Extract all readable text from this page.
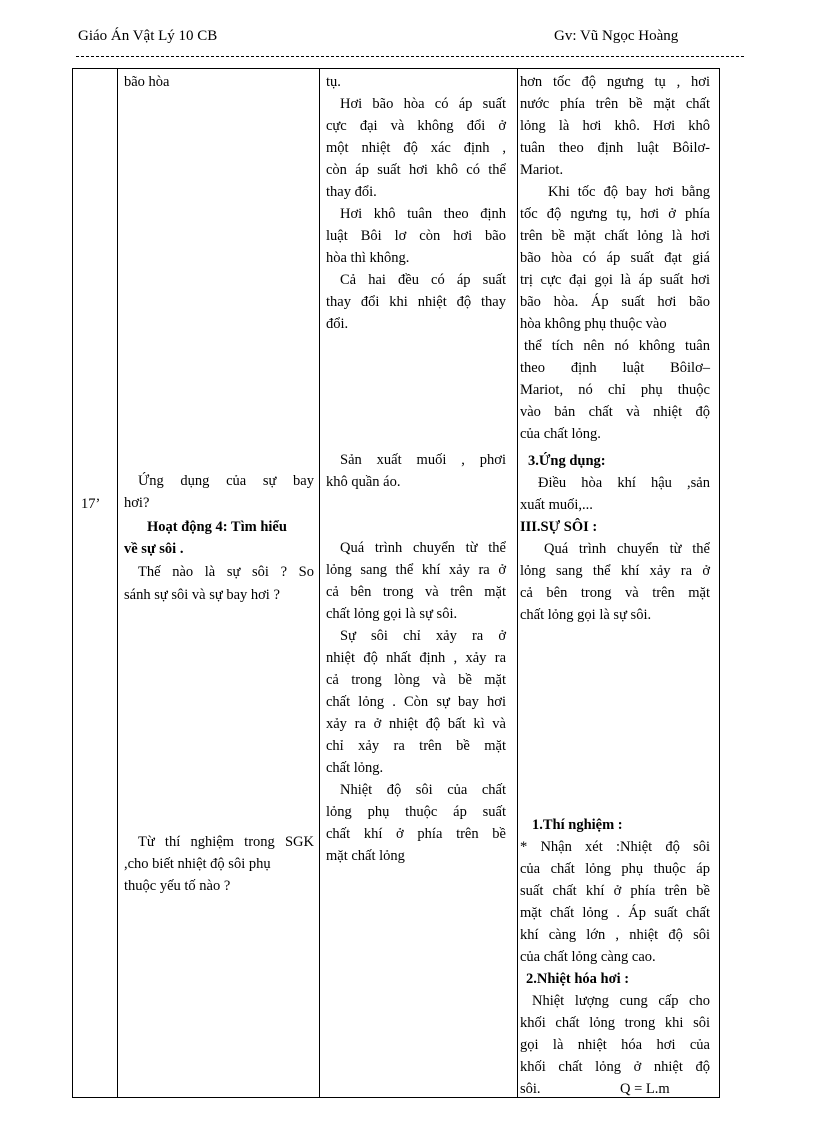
Giáo Án Vật Lý 10 CB	Gv: Vũ Ngọc Hoàng

17’

bão hòa

Ứng dụng của sự bay

hơi?

Hoạt động 4: Tìm hiểu

về sự sôi .

Thế nào là sự sôi ? So

sánh sự sôi và sự bay hơi ?

Từ thí nghiệm trong SGK

,cho biết nhiệt độ sôi phụ

thuộc yếu tố nào ?

tụ.

Hơi bão hòa có áp suất

cực đại và không đổi ở

một nhiệt độ xác định ,

còn áp suất hơi khô có thể

thay đổi.

Hơi khô tuân theo định

luật Bôi lơ còn hơi bão

hòa thì không.

Cả hai đều có áp suất

thay đổi khi nhiệt độ thay

đổi.

Sản xuất muối , phơi

khô quần áo.

Quá trình chuyển từ thể

lỏng sang thể khí xảy ra ở

cả bên trong và trên mặt

chất lỏng gọi là sự sôi.

Sự sôi chỉ xảy ra ở

nhiệt độ nhất định , xảy ra

cả trong lòng và bề mặt

chất lỏng . Còn sự bay hơi

xảy ra ở nhiệt độ bất kì và

chỉ xảy ra trên bề mặt

chất lỏng.

Nhiệt độ sôi của chất

lỏng phụ thuộc áp suất

chất khí ở phía trên bề

mặt chất lỏng

hơn tốc độ ngưng tụ , hơi

nước phía trên bề mặt chất

lỏng là hơi khô. Hơi khô

tuân theo định luật Bôilơ-

Mariot.

Khi tốc độ bay hơi bằng

tốc độ ngưng tụ, hơi ở phía

trên bề mặt chất lỏng là hơi

bão hòa có áp suất đạt giá

trị cực đại gọi là áp suất hơi

bão hòa. Áp suất hơi bão

hòa không phụ thuộc vào

thể tích nên nó không tuân

theo định luật Bôilơ–

Mariot, nó chỉ phụ thuộc

vào bản chất và nhiệt độ

của chất lỏng.

3.Ứng dụng:

Điều hòa khí hậu ,sản

xuất muối,...

III.SỰ SÔI :

Quá trình chuyển từ thể

lỏng sang thể khí xảy ra ở

cả bên trong và trên mặt

chất lỏng gọi là sự sôi.

1.Thí nghiệm :

* Nhận xét :Nhiệt độ sôi

của chất lỏng phụ thuộc áp

suất chất khí ở phía trên bề

mặt chất lỏng . Áp suất chất

khí càng lớn , nhiệt độ sôi

của chất lỏng càng cao.

2.Nhiệt hóa hơi :

Nhiệt lượng cung cấp cho

khối chất lỏng trong khi sôi

gọi là nhiệt hóa hơi của

khối chất lỏng ở nhiệt độ

sôi.	Q = L.m
